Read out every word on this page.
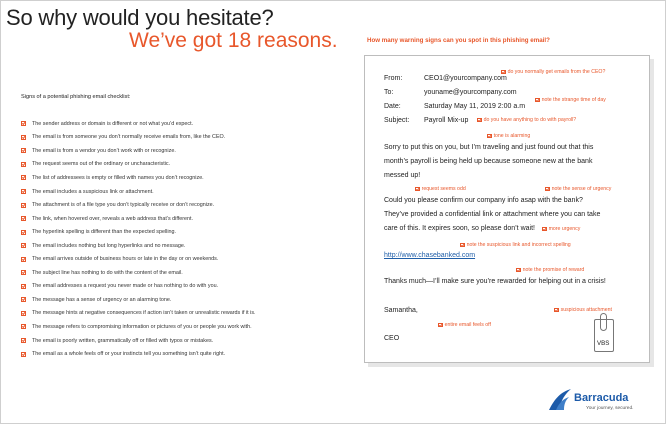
So why would you hesitate?
We’ve got 18 reasons.	How many warning signs can you spot in this phishing email?
Signs of a potential phishing email checklist:
The sender address or domain is different or not what you’d expect.
The email is from someone you don’t normally receive emails from, like the CEO.
The email is from a vendor you don’t work with or recognize.
The request seems out of the ordinary or uncharacteristic.
The list of addressees is empty or filled with names you don’t recognize.
The email includes a suspicious link or attachment.
The attachment is of a file type you don’t typically receive or don’t recognize.
The link, when hovered over, reveals a web address that’s different.
The hyperlink spelling is different than the expected spelling.
The email includes nothing but long hyperlinks and no message.
The email arrives outside of business hours or late in the day or on weekends.
The subject line has nothing to do with the content of the email.
The email addresses a request you never made or has nothing to do with you.
The message has a sense of urgency or an alarming tone.
The message hints at negative consequences if action isn’t taken or unrealistic rewards if it is.
The message refers to compromising information or pictures of you or people you work with.
The email is poorly written, grammatically off or filled with typos or mistakes.
The email as a whole feels off or your instincts tell you something isn’t quite right.
do you normally get emails from the CEO?
From:	CEO1@yourcompany.com
To:	youname@yourcompany.com
Date:	Saturday May 11, 2019 2:00 a.m
note the strange time of day
Subject: Payroll Mix-up	do you have anything to do with payroll?
tone is alarming
Sorry to put this on you, but I’m traveling and just found out that this
month’s payroll is being held up because someone new at the bank
messed up!
request seems odd	note the sense of urgency
Could you please confirm our company info asap with the bank?
They’ve provided a confidential link or attachment where you can take
care of this. It expires soon, so please don’t wait!	more urgency
note the suspicious link and incorrect spelling
http://www.chasebanked.com
note the promise of reward
Thanks much—I’ll make sure you’re rewarded for helping out in a crisis!
suspicious attachment
Samantha,
entire email feels off
CEO
VBS
Barracuda
Your journey, secured.
